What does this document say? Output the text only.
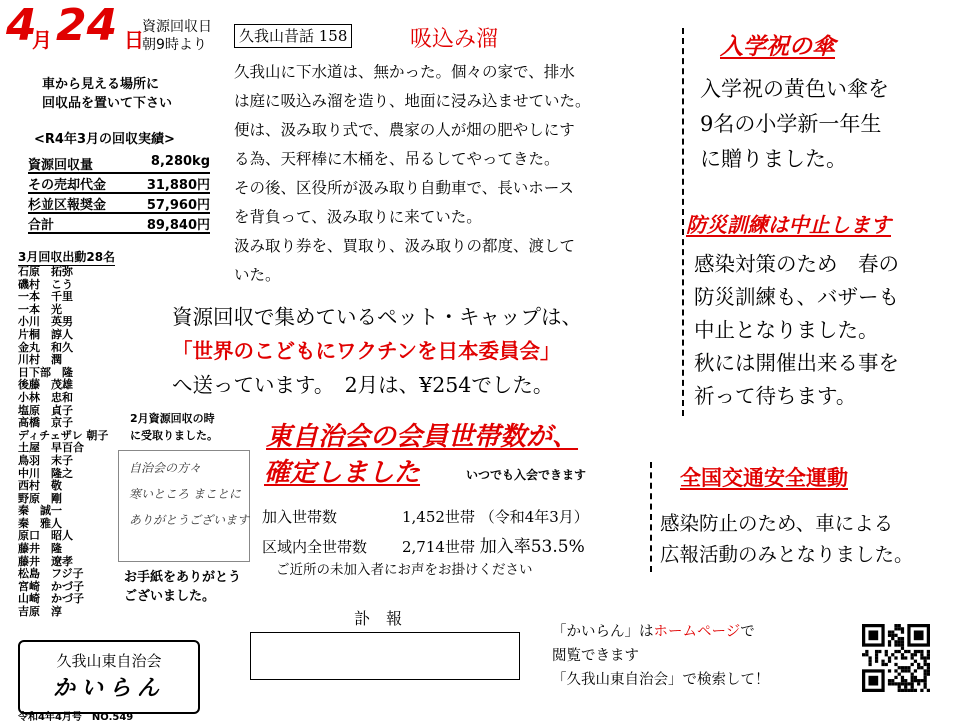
4
月 24 日
資源回収日
朝9時より
車から見える場所に
回収品を置いて下さい
<R4年3月の回収実績>
資源回収量	8,280kg
その売却代金	31,880円
杉並区報奨金	57,960円
合計	89,840円
3月回収出動28名
石原　拓弥
磯村　こう
一本　千里
一本　光
小川　英男
片桐　諄人
金丸　和久
川村　潤
日下部　隆
後藤　茂雄
小林　忠和
塩原　貞子
高橋　京子
ディチェザレ 朝子
土屋　早百合
鳥羽　末子
中川　隆之
西村　敬
野原　剛
秦　誠一
秦　雅人
原口　昭人
藤井　隆
藤井　遼孝
松島　フジ子
宮崎　かづ子
山崎　かづ子
吉原　淳
久我山昔話 158	吸込み溜
久我山に下水道は、無かった。個々の家で、排水
は庭に吸込み溜を造り、地面に浸み込ませていた。
便は、汲み取り式で、農家の人が畑の肥やしにす
る為、天秤棒に木桶を、吊るしてやってきた。
その後、区役所が汲み取り自動車で、長いホース
を背負って、汲み取りに来ていた。
汲み取り券を、買取り、汲み取りの都度、渡して
いた。
資源回収で集めているペット・キャップは、
「世界のこどもにワクチンを日本委員会」
へ送っています。　2月は、¥254でした。
2月資源回収の時
に受取りました。
自治会の方々
寒いところ まことに
ありがとうございます
お手紙をありがとう
ございました。
東自治会の会員世帯数が、
確定しました	いつでも入会できます
加入世帯数	1,452世帯 （令和4年3月）
区域内全世帯数 2,714世帯 加入率53.5%
ご近所の未加入者にお声をお掛けください
入学祝の傘
入学祝の黄色い傘を
9名の小学新一年生
に贈りました。
防災訓練は中止します
感染対策のため　春の
防災訓練も、バザーも
中止となりました。
秋には開催出来る事を
祈って待ちます。
全国交通安全運動
感染防止のため、車による
広報活動のみとなりました。
訃　報
久我山東自治会
かいらん
令和4年4月号　NO.549
「かいらん」はホームページで
閲覧できます
「久我山東自治会」で検索して！
